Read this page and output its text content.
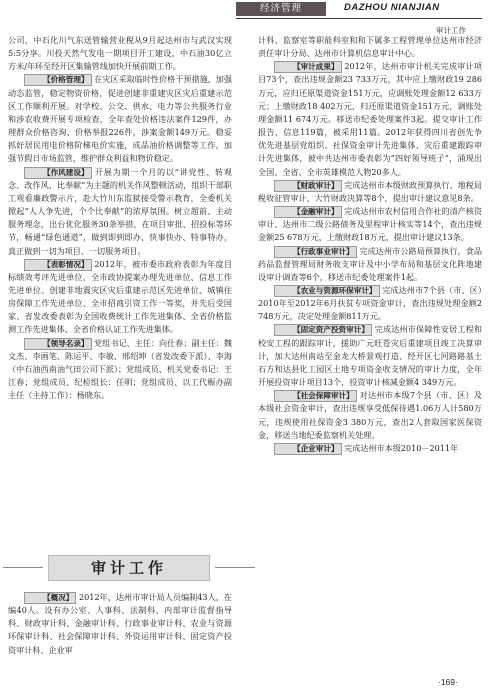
经济管理	DAZHOU NIANJIAN
审计工作

公司，中石化川气东送管输营业税从9月起达州市与武汉实现5:5分享。川投天然气发电一期项目开工建设，中石油30亿立方米/年环至经开区集输管线加快开展前期工作。

【价格管理】 在灾区采取临时性价格干预措施，加强动态监管，稳定物资价格，促进创建非重建灾区灾后重建示范区工作顺利开展。对学校、公交、供水、电力等公共服务行业和涉农收费开展专项检查，全年查处价格违法案件129件，办理群众价格咨询、价格举报226件，涉案金额149万元。稳妥抓好居民用电价格阶梯电价实施，成品油价格调整等工作，加强节假日市场监管，维护群众利益和物价稳定。

【作风建设】 开展为期一个月的以“讲党性、转观念、改作风、比奉献”为主题的机关作风整顿活动，组织干部职工观看廉政警示片，赴大竹川东监狱接受警示教育，全委机关掀起“人人争先进，个个比奉献”的浓厚氛围。树立超前、主动服务理念，出台优化服务30条举措，在项目审批、招投标等环节，畅通“绿色通道”，做到即到即办、快事快办、特事特办，真正做到一切为项目、一切服务项目。

【表彰情况】 2012年，被市委市政府表彰为年度目标绩效考评先进单位、全市政协提案办理先进单位、信息工作先进单位、创建非地震灾区灾后重建示范区先进单位、城镇住房保障工作先进单位、全市招商引资工作一等奖，并先后受国家、省发改委表彰为全国收费统计工作先进集体、全省价格监测工作先进集体、全省价格认证工作先进集体。

【领导名录】 党组书记、主任：向仕春；副主任：魏文杰、李画笔、陈运平、李敏、邢绍坤（省发改委下派）、李海（中石油西南油气田公司下派）；党组成员、机关党委书记：王江春；党组成员、纪检组长：任明；党组成员、以工代赈办副主任（主持工作）：杨晓东。

审计工作

【概况】 2012年，达州市审计局人员编制43人，在编40人。设有办公室、人事科、法制科、内部审计监督指导科、财政审计科、金融审计科、行政事业审计科、农业与资源环保审计科、社会保障审计科、外资运用审计科、固定资产投资审计科、企业审

计科、监察室等职能科室和和下属多工程管理单位达州市经济责任审计分局、达州市计算机信息审计中心。

【审计成果】 2012年，达州市审计机关完成审计项目73个，查出违规金额23 733万元，其中应上缴财政19 286万元，应归还原渠道资金151万元，应调账处理金额12 633万元；上缴财政18 402万元，归还原渠道资金151万元，调账处理金额11 674万元。移送市纪委处理案件3起。提交审计工作报告、信息119篇，被采用11篇。2012年获得四川省创先争优先进基层党组织、社保资金审计先进集体、灾后重建跟踪审计先进集体，被中共达州市委表彰为“四好领导班子”，涌现出全国、全省、全市英雄模范人物20多人。

【财政审计】 完成达州市本级财政预算执行、地税局税收征管审计、大竹财政决算等8个，提出审计建议意见8条。

【金融审计】 完成达州市农村信用合作社的清产核资审计、达州市二级公路债务及里程审计核实等14个，查出违规金额25 678万元，上缴财政18万元，提出审计建议13条。

【行政事业审计】 完成达州市公路局预算执行，食品药品监督管理局财务收支审计及中小学布局和基层文化阵地建设审计调查等6个，移送市纪委处理案件1起。

【农业与资源环保审计】 完成达州市7个县（市、区）2010年至2012年6月扶贫专项资金审计，查出违规处理金额2 748万元，决定处理金额811万元。

【固定资产投资审计】 完成达州市保障性安居工程和校安工程的跟踪审计，援助广元旺苍灾后重建项目竣工决算审计，加大达州南站至金龙大桥景观打造、经开区七河路路基土石方和达县化工园区土地专项资金收支情况的审计力度，全年开展投资审计项目13个，投资审计核减金额4 349万元。

【社会保障审计】 对达州市本级7个县（市、区）及本级社会资金审计，查出违规享受低保待遇1.06万人计580万元，违规使用社保资金3 380万元，查出2人套取国家医保资金，移送当地纪委监察机关处理。

【企业审计】 完成达州市本级2010－2011年

·169·
